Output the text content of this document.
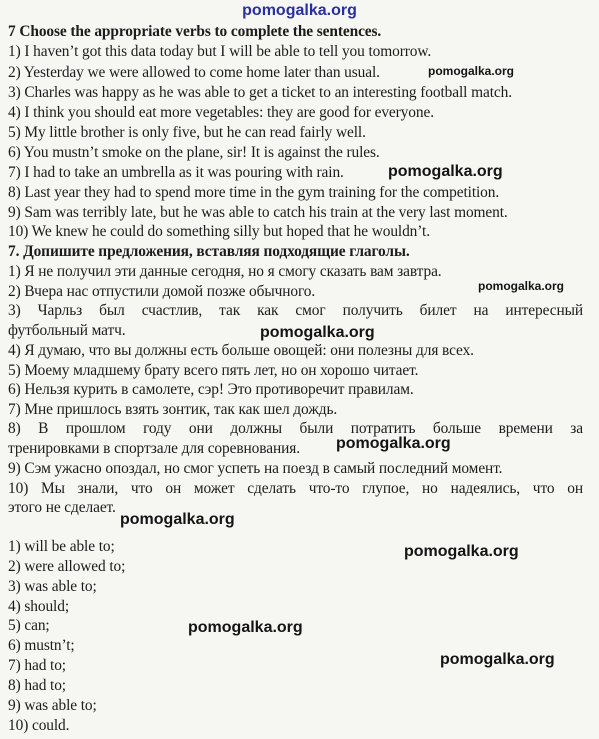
pomogalka.org
7 Choose the appropriate verbs to complete the sentences.
1) I haven’t got this data today but I will be able to tell you tomorrow.
2) Yesterday we were allowed to come home later than usual.
3) Charles was happy as he was able to get a ticket to an interesting football match.
4) I think you should eat more vegetables: they are good for everyone.
5) My little brother is only five, but he can read fairly well.
6) You mustn’t smoke on the plane, sir! It is against the rules.
7) I had to take an umbrella as it was pouring with rain.
8) Last year they had to spend more time in the gym training for the competition.
9) Sam was terribly late, but he was able to catch his train at the very last moment.
10) We knew he could do something silly but hoped that he wouldn’t.
7. Допишите предложения, вставляя подходящие глаголы.
1) Я не получил эти данные сегодня, но я смогу сказать вам завтра.
2) Вчера нас отпустили домой позже обычного.
3) Чарльз был счастлив, так как смог получить билет на интересный
футбольный матч.
4) Я думаю, что вы должны есть больше овощей: они полезны для всех.
5) Моему младшему брату всего пять лет, но он хорошо читает.
6) Нельзя курить в самолете, сэр! Это противоречит правилам.
7) Мне пришлось взять зонтик, так как шел дождь.
8) В прошлом году они должны были потратить больше времени за
тренировками в спортзале для соревнования.
9) Сэм ужасно опоздал, но смог успеть на поезд в самый последний момент.
10) Мы знали, что он может сделать что-то глупое, но надеялись, что он
этого не сделает.
1) will be able to;
2) were allowed to;
3) was able to;
4) should;
5) can;
6) mustn’t;
7) had to;
8) had to;
9) was able to;
10) could.
pomogalka.org
pomogalka.org
pomogalka.org
pomogalka.org
pomogalka.org
pomogalka.org
pomogalka.org
pomogalka.org
pomogalka.org
